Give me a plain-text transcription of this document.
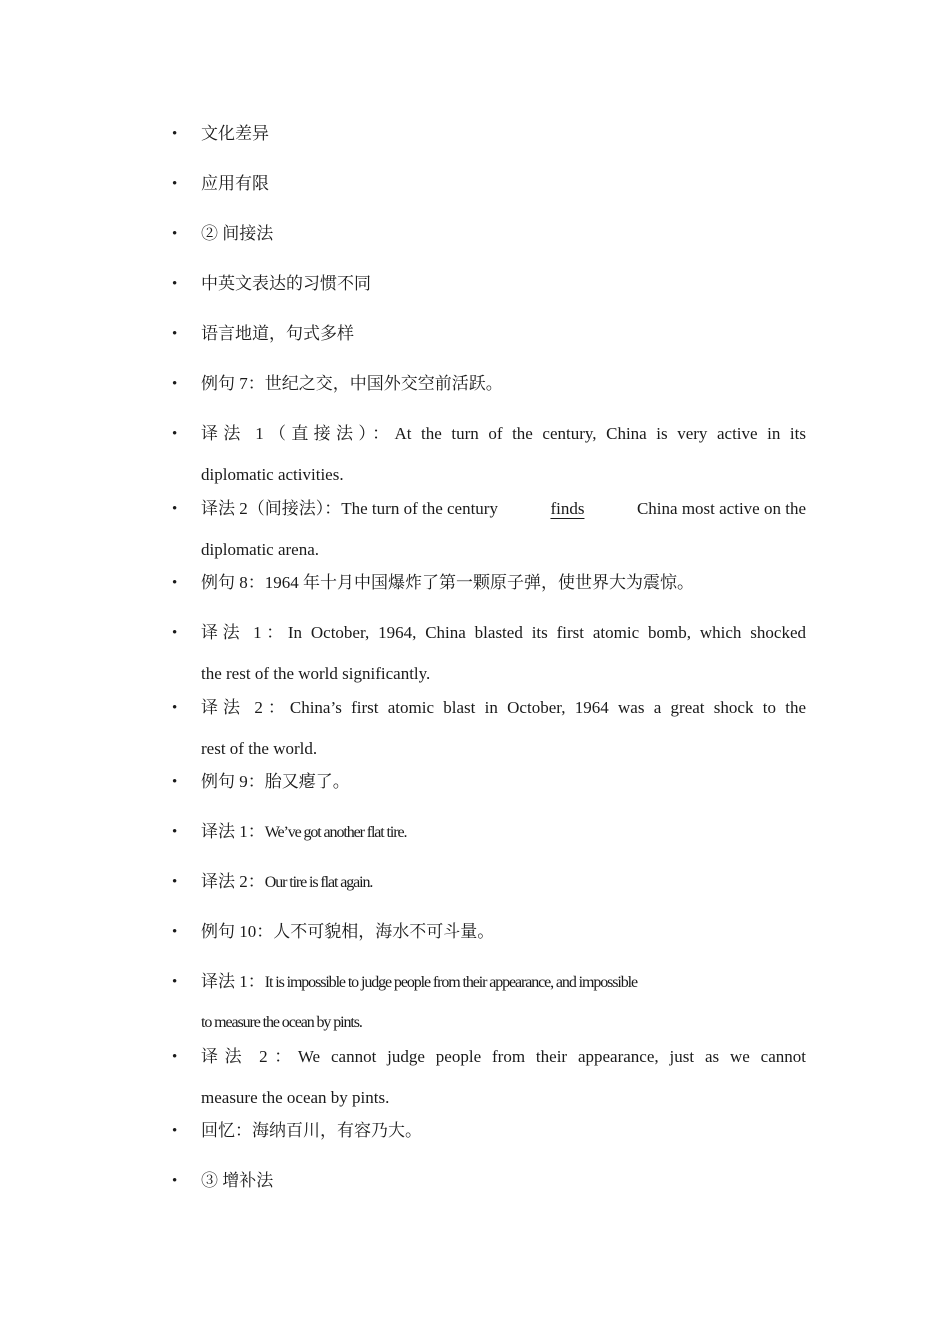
• 文化差异
• 应用有限
• ② 间接法
• 中英文表达的习惯不同
• 语言地道，句式多样
• 例句 7：世纪之交，中国外交空前活跃。
• 译法 1（直接法）：At the turn of the century, China is very active in its
diplomatic activities.
• 译法 2（间接法）：The turn of the century	finds	China most active on the
diplomatic arena.
• 例句 8：1964 年十月中国爆炸了第一颗原子弹，使世界大为震惊。
• 译法 1：In October, 1964, China blasted its first atomic bomb, which shocked
the rest of the world significantly.
• 译法 2：China’s first atomic blast in October, 1964 was a great shock to the
rest of the world.
• 例句 9：胎又瘪了。
• 译法 1：We’ve got another flat tire.
• 译法 2：Our tire is flat again.
• 例句 10：人不可貌相，海水不可斗量。
• 译法 1：It is impossible to judge people from their appearance, and impossible
to measure the ocean by pints.
• 译法 2：We cannot judge people from their appearance, just as we cannot
measure the ocean by pints.
• 回忆：海纳百川，有容乃大。
• ③ 增补法
